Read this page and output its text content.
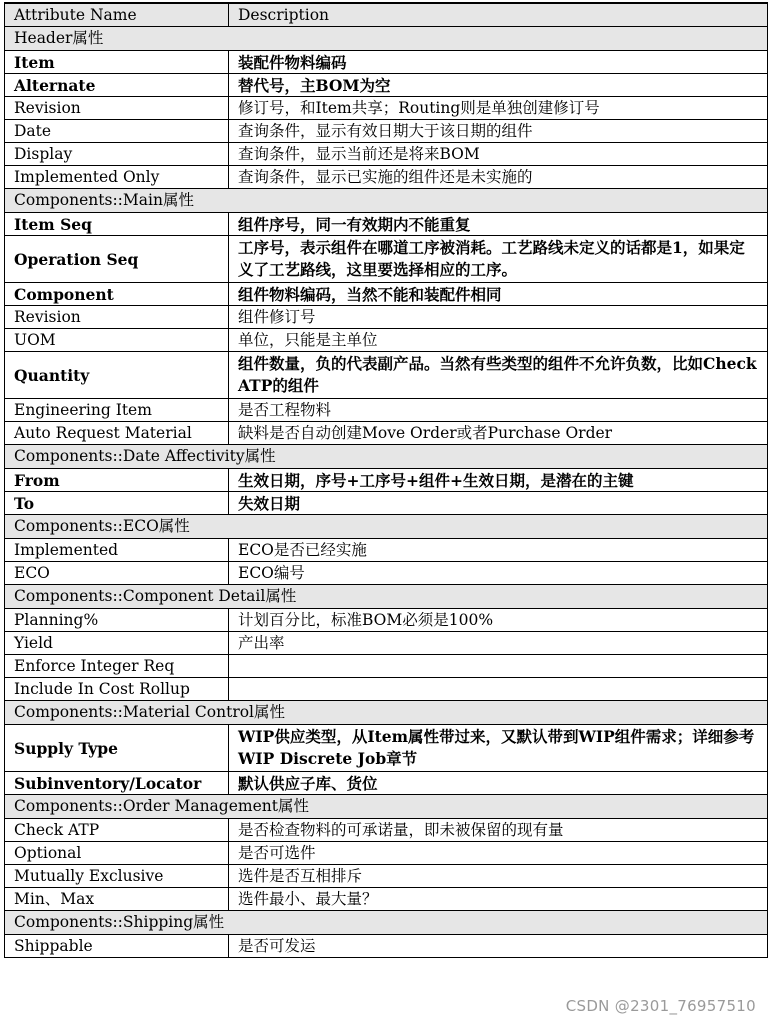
Attribute Name	Description
Header属性	
Item	装配件物料编码
Alternate	替代号，主BOM为空
Revision	修订号，和Item共享；Routing则是单独创建修订号
Date	查询条件，显示有效日期大于该日期的组件
Display	查询条件，显示当前还是将来BOM
Implemented Only	查询条件，显示已实施的组件还是未实施的
Components::Main属性	
Item Seq	组件序号，同一有效期内不能重复
Operation Seq	工序号，表示组件在哪道工序被消耗。工艺路线未定义的话都是1，如果定义了工艺路线，这里要选择相应的工序。
Component	组件物料编码，当然不能和装配件相同
Revision	组件修订号
UOM	单位，只能是主单位
Quantity	组件数量，负的代表副产品。当然有些类型的组件不允许负数，比如Check ATP的组件
Engineering Item	是否工程物料
Auto Request Material	缺料是否自动创建Move Order或者Purchase Order
Components::Date Affectivity属性	
From	生效日期，序号+工序号+组件+生效日期，是潜在的主键
To	失效日期
Components::ECO属性	
Implemented	ECO是否已经实施
ECO	ECO编号
Components::Component Detail属性	
Planning%	计划百分比，标准BOM必须是100%
Yield	产出率
Enforce Integer Req	
Include In Cost Rollup	
Components::Material Control属性	
Supply Type	WIP供应类型，从Item属性带过来，又默认带到WIP组件需求；详细参考WIP Discrete Job章节
Subinventory/Locator	默认供应子库、货位
Components::Order Management属性	
Check ATP	是否检查物料的可承诺量，即未被保留的现有量
Optional	是否可选件
Mutually Exclusive	选件是否互相排斥
Min、Max	选件最小、最大量？
Components::Shipping属性	
Shippable	是否可发运
CSDN @2301_76957510
